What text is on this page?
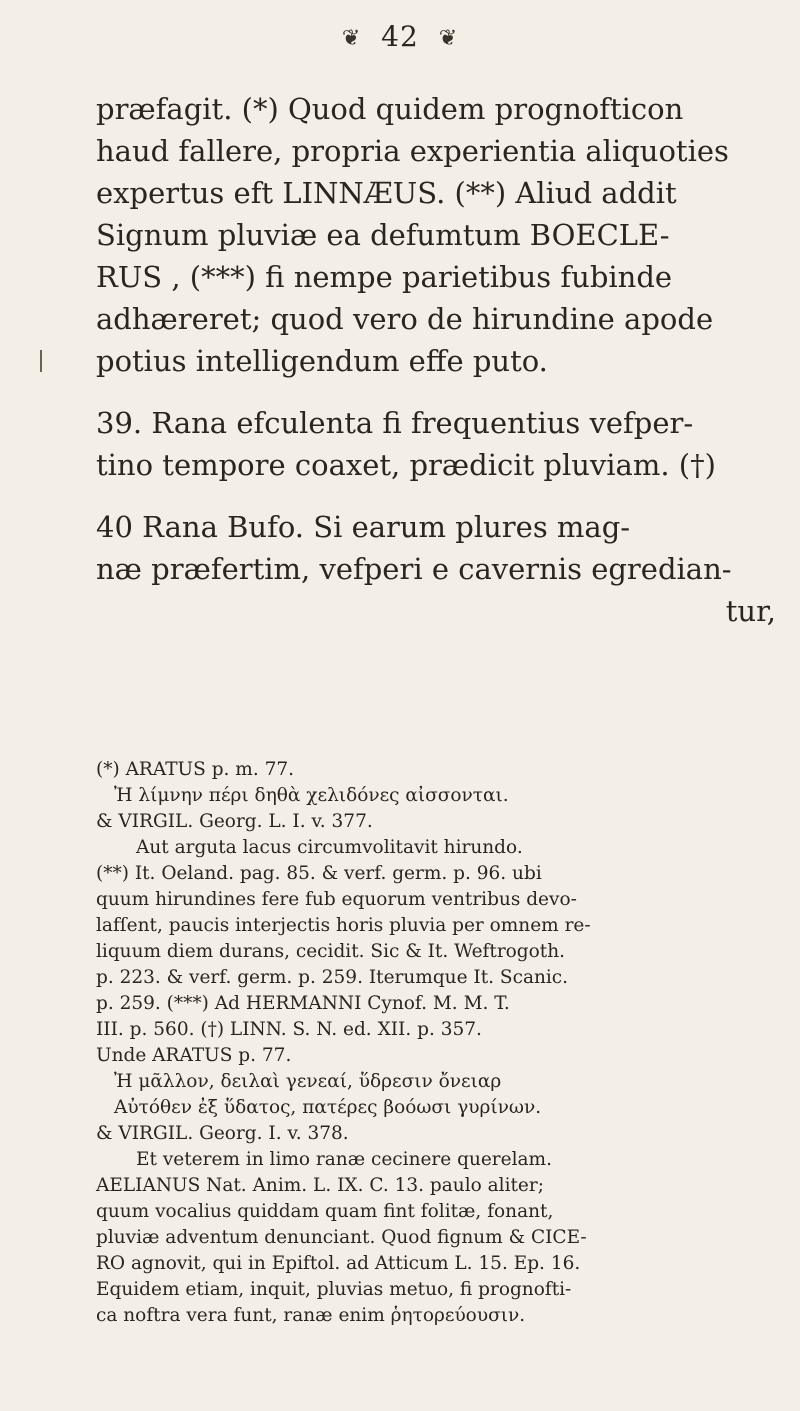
❦ 42 ❦

præfagit. (*) Quod quidem prognofticon

haud fallere, propria experientia aliquoties

expertus eft LINNÆUS. (**) Aliud addit

Signum pluviæ ea defumtum BOECLE-

RUS , (***) fi nempe parietibus fubinde

adhæreret; quod vero de hirundine apode

potius intelligendum effe puto.

39. Rana efculenta fi frequentius vefper-

tino tempore coaxet, prædicit pluviam. (†)

40 Rana Bufo. Si earum plures mag-

næ præfertim, vefperi e cavernis egredian-

tur,

(*) ARATUS p. m. 77.

Ἠ λίμνην πέρι δηθὰ χελιδόνες αἰσσονται.

& VIRGIL. Georg. L. I. v. 377.

Aut arguta lacus circumvolitavit hirundo.

(**) It. Oeland. pag. 85. & verf. germ. p. 96. ubi

quum hirundines fere fub equorum ventribus devo-

lafſent, paucis interjectis horis pluvia per omnem re-

liquum diem durans, cecidit. Sic & It. Weftrogoth.

p. 223. & verf. germ. p. 259. Iterumque It. Scanic.

p. 259. (***) Ad HERMANNI Cynof. M. M. T.

III. p. 560. (†) LINN. S. N. ed. XII. p. 357.

Unde ARATUS p. 77.

Ἠ μᾶλλον, δειλαὶ γενεαί, ὕδρεσιν ὄνειαρ

Αὐτόθεν ἐξ ὕδατος, πατέρες βοόωσι γυρίνων.

& VIRGIL. Georg. I. v. 378.

Et veterem in limo ranæ cecinere querelam.

AELIANUS Nat. Anim. L. IX. C. 13. paulo aliter;

quum vocalius quiddam quam fint folitæ, fonant,

pluviæ adventum denunciant. Quod fignum & CICE-

RO agnovit, qui in Epiftol. ad Atticum L. 15. Ep. 16.

Equidem etiam, inquit, pluvias metuo, fi prognofti-

ca noftra vera funt, ranæ enim ῥητορεύουσιν.
